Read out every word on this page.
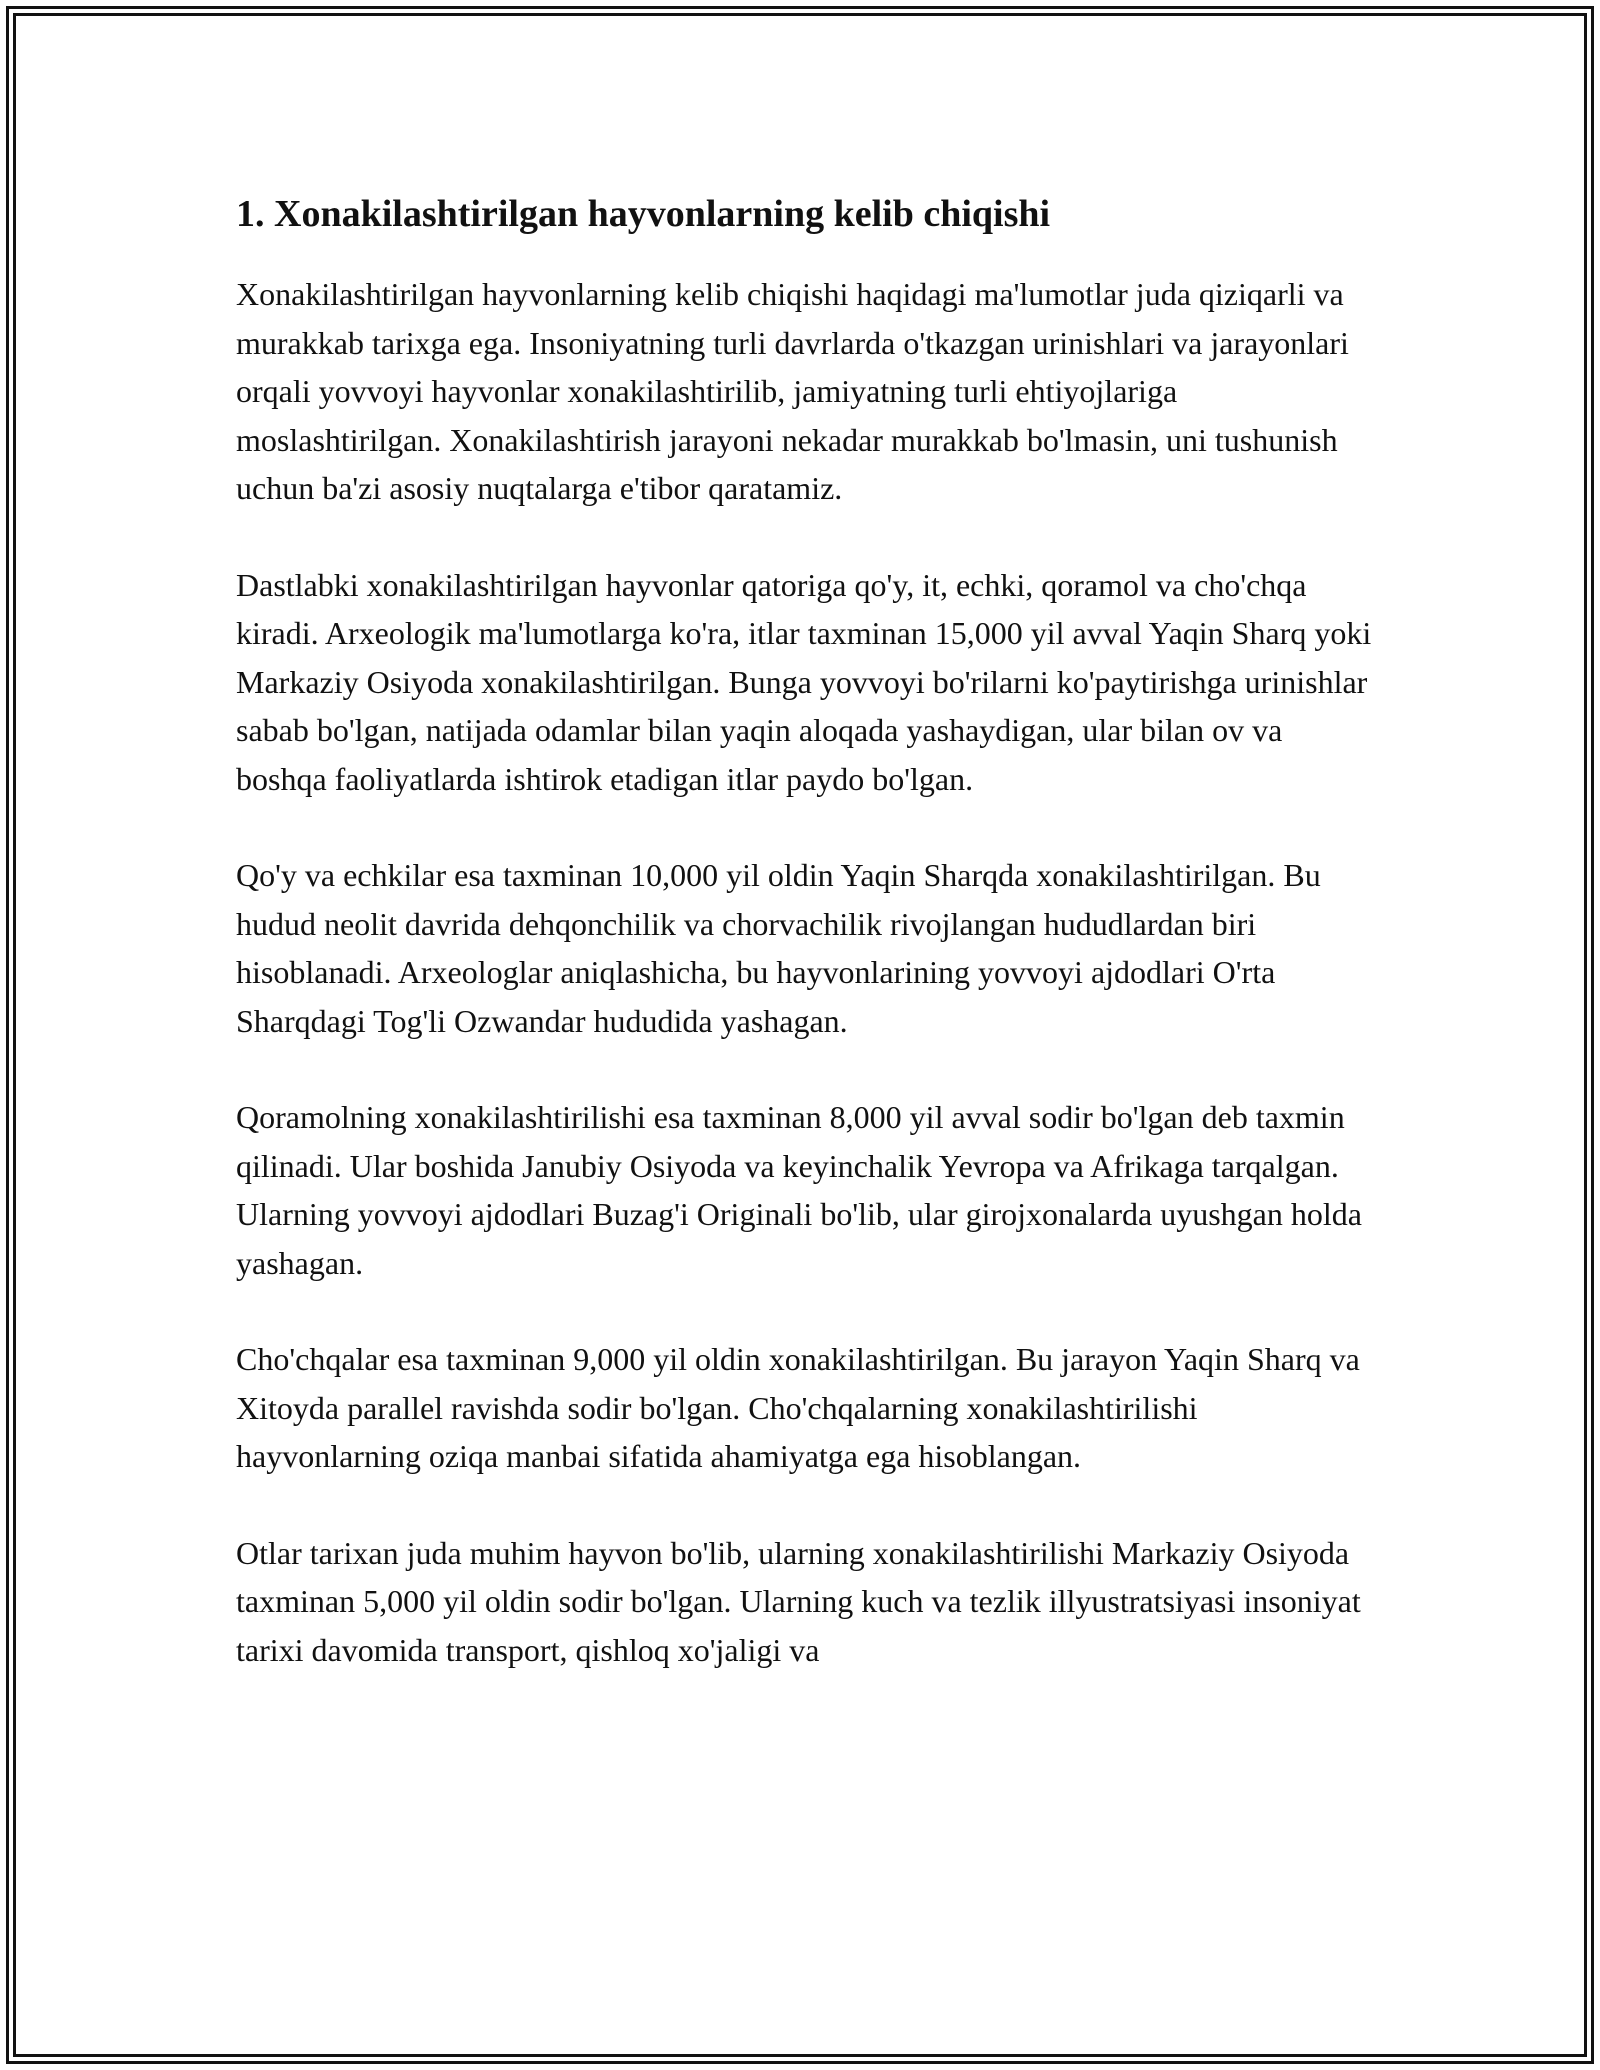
1. Xonakilashtirilgan hayvonlarning kelib chiqishi

Xonakilashtirilgan hayvonlarning kelib chiqishi haqidagi ma'lumotlar juda qiziqarli va murakkab tarixga ega. Insoniyatning turli davrlarda o'tkazgan urinishlari va jarayonlari orqali yovvoyi hayvonlar xonakilashtirilib, jamiyatning turli ehtiyojlariga moslashtirilgan. Xonakilashtirish jarayoni nekadar murakkab bo'lmasin, uni tushunish uchun ba'zi asosiy nuqtalarga e'tibor qaratamiz.

Dastlabki xonakilashtirilgan hayvonlar qatoriga qo'y, it, echki, qoramol va cho'chqa kiradi. Arxeologik ma'lumotlarga ko'ra, itlar taxminan 15,000 yil avval Yaqin Sharq yoki Markaziy Osiyoda xonakilashtirilgan. Bunga yovvoyi bo'rilarni ko'paytirishga urinishlar sabab bo'lgan, natijada odamlar bilan yaqin aloqada yashaydigan, ular bilan ov va boshqa faoliyatlarda ishtirok etadigan itlar paydo bo'lgan.

Qo'y va echkilar esa taxminan 10,000 yil oldin Yaqin Sharqda xonakilashtirilgan. Bu hudud neolit davrida dehqonchilik va chorvachilik rivojlangan hududlardan biri hisoblanadi. Arxeologlar aniqlashicha, bu hayvonlarining yovvoyi ajdodlari O'rta Sharqdagi Tog'li Ozwandar hududida yashagan.

Qoramolning xonakilashtirilishi esa taxminan 8,000 yil avval sodir bo'lgan deb taxmin qilinadi. Ular boshida Janubiy Osiyoda va keyinchalik Yevropa va Afrikaga tarqalgan. Ularning yovvoyi ajdodlari Buzag'i Originali bo'lib, ular girojxonalarda uyushgan holda yashagan.

Cho'chqalar esa taxminan 9,000 yil oldin xonakilashtirilgan. Bu jarayon Yaqin Sharq va Xitoyda parallel ravishda sodir bo'lgan. Cho'chqalarning xonakilashtirilishi hayvonlarning oziqa manbai sifatida ahamiyatga ega hisoblangan.

Otlar tarixan juda muhim hayvon bo'lib, ularning xonakilashtirilishi Markaziy Osiyoda taxminan 5,000 yil oldin sodir bo'lgan. Ularning kuch va tezlik illyustratsiyasi insoniyat tarixi davomida transport, qishloq xo'jaligi va
